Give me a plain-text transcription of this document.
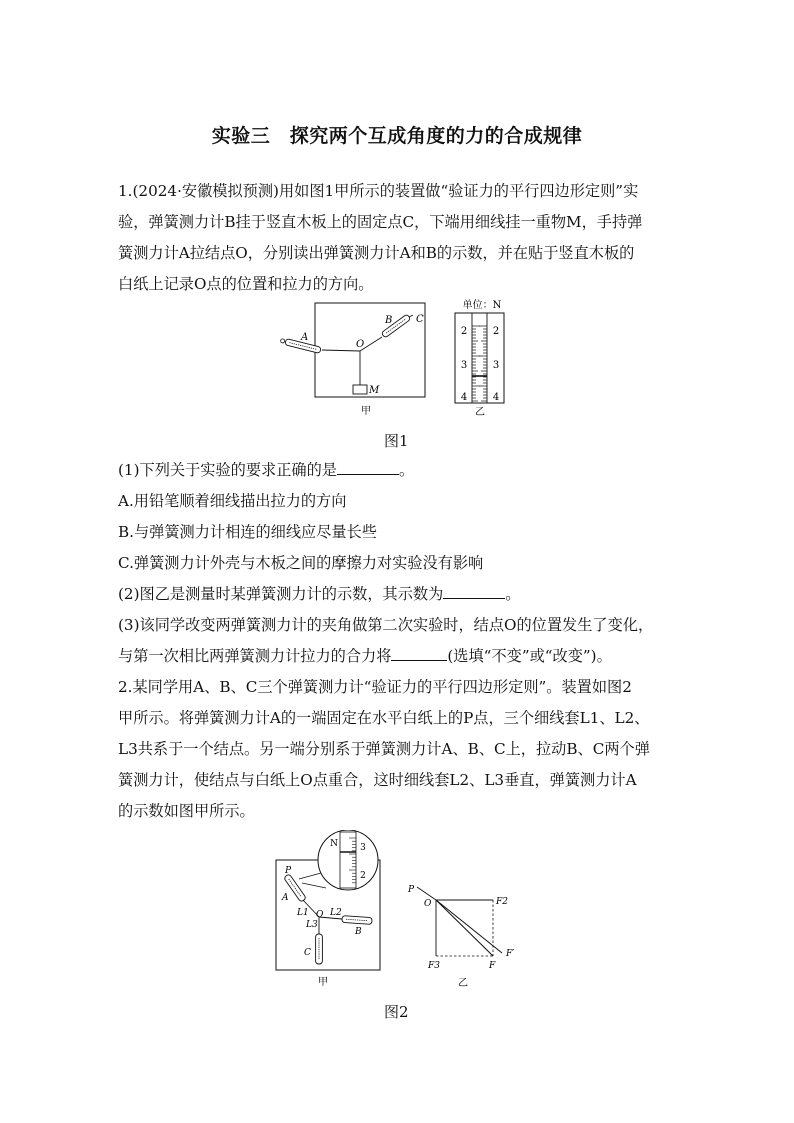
实验三　探究两个互成角度的力的合成规律
1.(2024·安徽模拟预测)用如图1甲所示的装置做“验证力的平行四边形定则”实
验，弹簧测力计B挂于竖直木板上的固定点C，下端用细线挂一重物M，手持弹
簧测力计A拉结点O，分别读出弹簧测力计A和B的示数，并在贴于竖直木板的
白纸上记录O点的位置和拉力的方向。
A
B C
O
M
甲
单位：N
2
3
4
2
3
4
乙
图1
(1)下列关于实验的要求正确的是	。
A.用铅笔顺着细线描出拉力的方向
B.与弹簧测力计相连的细线应尽量长些
C.弹簧测力计外壳与木板之间的摩擦力对实验没有影响
(2)图乙是测量时某弹簧测力计的示数，其示数为	。
(3)该同学改变两弹簧测力计的夹角做第二次实验时，结点O的位置发生了变化，
与第一次相比两弹簧测力计拉力的合力将	(选填“不变”或“改变”)。
2.某同学用A、B、C三个弹簧测力计“验证力的平行四边形定则”。装置如图2
甲所示。将弹簧测力计A的一端固定在水平白纸上的P点，三个细线套L1、L2、
L3共系于一个结点。另一端分别系于弹簧测力计A、B、C上，拉动B、C两个弹
簧测力计，使结点与白纸上O点重合，这时细线套L2、L3垂直，弹簧测力计A
的示数如图甲所示。
N 3
2
P
A
L1 O L2
L3
B
C
甲
P
O	F2
F3	F
F′
乙
图2
